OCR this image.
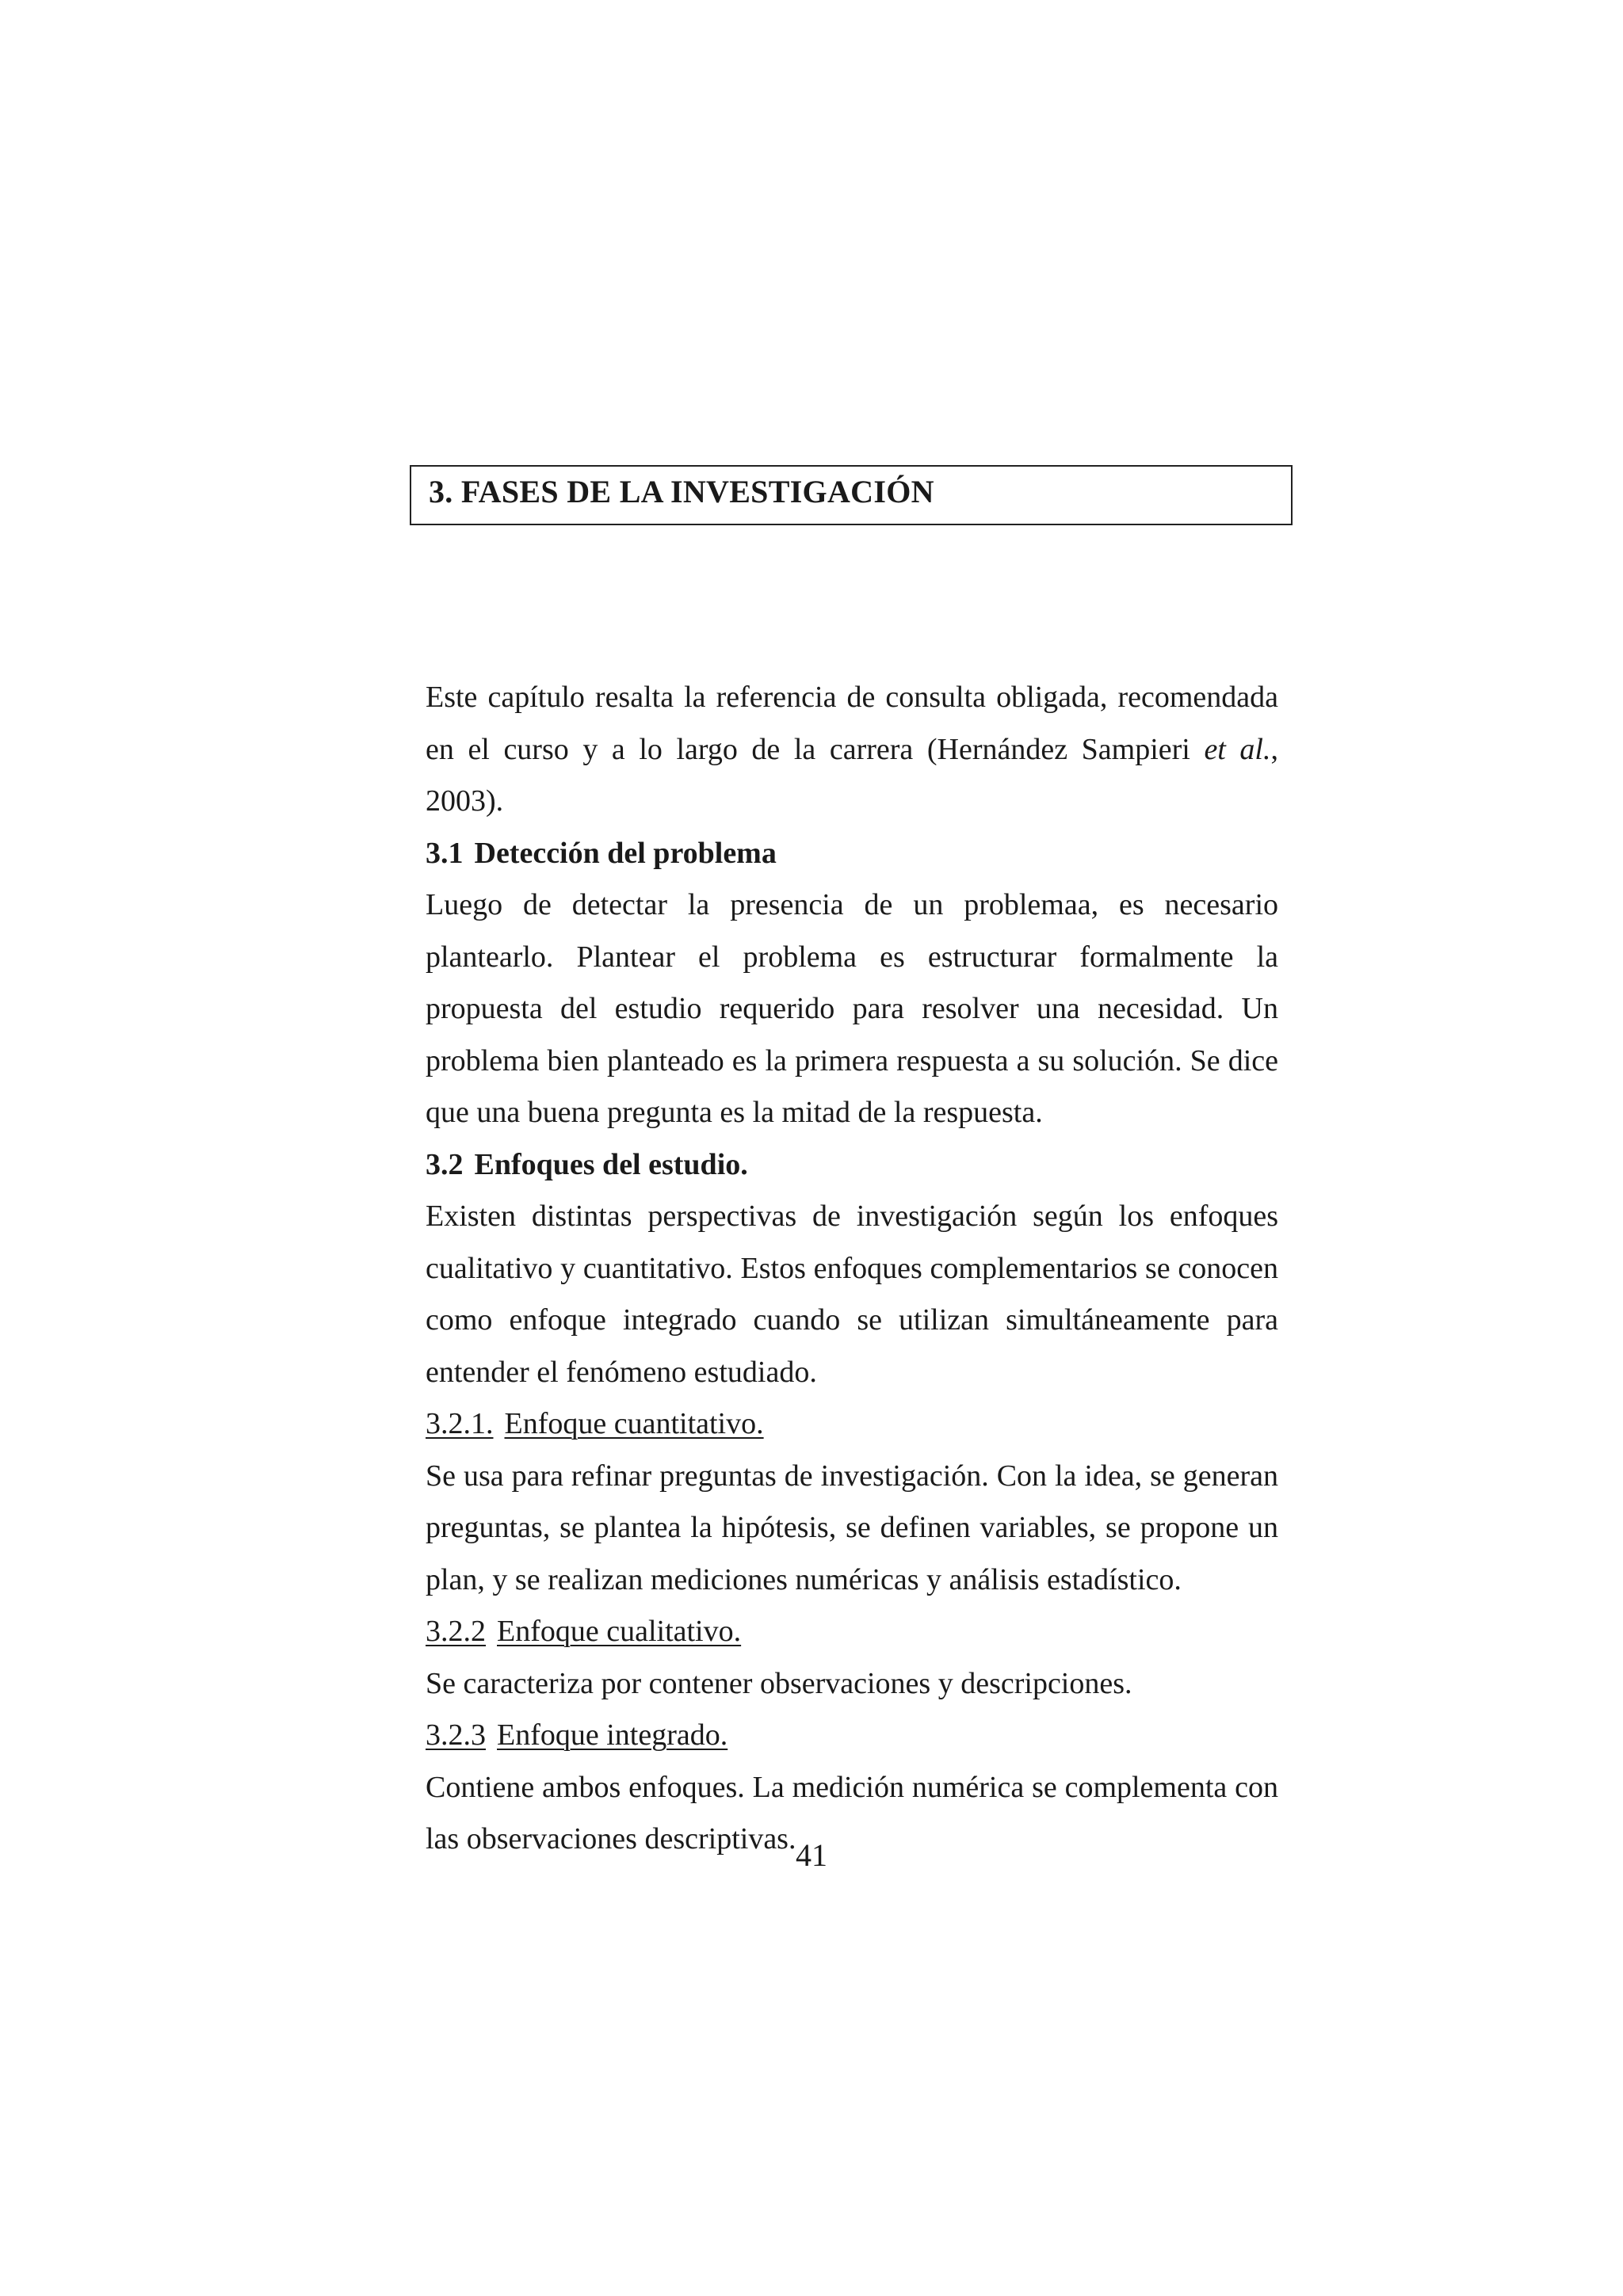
3. FASES DE LA INVESTIGACIÓN

Este capítulo resalta la referencia de consulta obligada, recomendada en el curso y a lo largo de la carrera (Hernández Sampieri et al., 2003).

3.1 Detección del problema

Luego de detectar la presencia de un problemaa, es necesario plantearlo. Plantear el problema es estructurar formalmente la propuesta del estudio requerido para resolver una necesidad. Un problema bien planteado es la primera respuesta a su solución. Se dice que una buena pregunta es la mitad de la respuesta.

3.2 Enfoques del estudio.

Existen distintas perspectivas de investigación según los enfoques cualitativo y cuantitativo. Estos enfoques complementarios se conocen como enfoque integrado cuando se utilizan simultáneamente para entender el fenómeno estudiado.

3.2.1. Enfoque cuantitativo.

Se usa para refinar preguntas de investigación. Con la idea, se generan preguntas, se plantea la hipótesis, se definen variables, se propone un plan, y se realizan mediciones numéricas y análisis estadístico.

3.2.2 Enfoque cualitativo.

Se caracteriza por contener observaciones y descripciones.

3.2.3 Enfoque integrado.

Contiene ambos enfoques. La medición numérica se complementa con las observaciones descriptivas. 41
